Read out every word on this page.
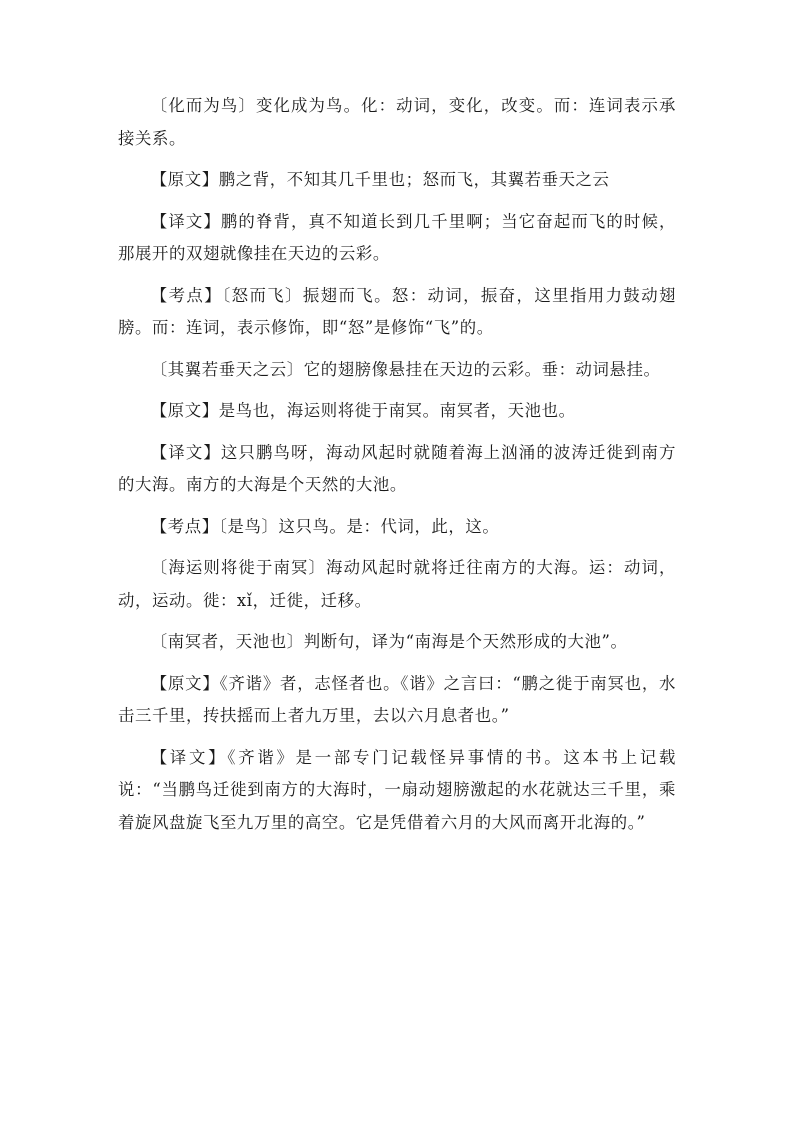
〔化而为鸟〕变化成为鸟。化：动词，变化，改变。而：连词表示承接关系。

【原文】鹏之背，不知其几千里也；怒而飞，其翼若垂天之云

【译文】鹏的脊背，真不知道长到几千里啊；当它奋起而飞的时候，那展开的双翅就像挂在天边的云彩。

【考点】〔怒而飞〕振翅而飞。怒：动词，振奋，这里指用力鼓动翅膀。而：连词，表示修饰，即“怒”是修饰“飞”的。

〔其翼若垂天之云〕它的翅膀像悬挂在天边的云彩。垂：动词悬挂。

【原文】是鸟也，海运则将徙于南冥。南冥者，天池也。

【译文】这只鹏鸟呀，海动风起时就随着海上汹涌的波涛迁徙到南方的大海。南方的大海是个天然的大池。

【考点】〔是鸟〕这只鸟。是：代词，此，这。

〔海运则将徙于南冥〕海动风起时就将迁往南方的大海。运：动词，动，运动。徙：xǐ，迁徙，迁移。

〔南冥者，天池也〕判断句，译为“南海是个天然形成的大池”。

【原文】《齐谐》者，志怪者也。《谐》之言曰：“鹏之徙于南冥也，水击三千里，抟扶摇而上者九万里，去以六月息者也。”

【译文】《齐谐》是一部专门记载怪异事情的书。这本书上记载说：“当鹏鸟迁徙到南方的大海时，一扇动翅膀激起的水花就达三千里，乘着旋风盘旋飞至九万里的高空。它是凭借着六月的大风而离开北海的。”
